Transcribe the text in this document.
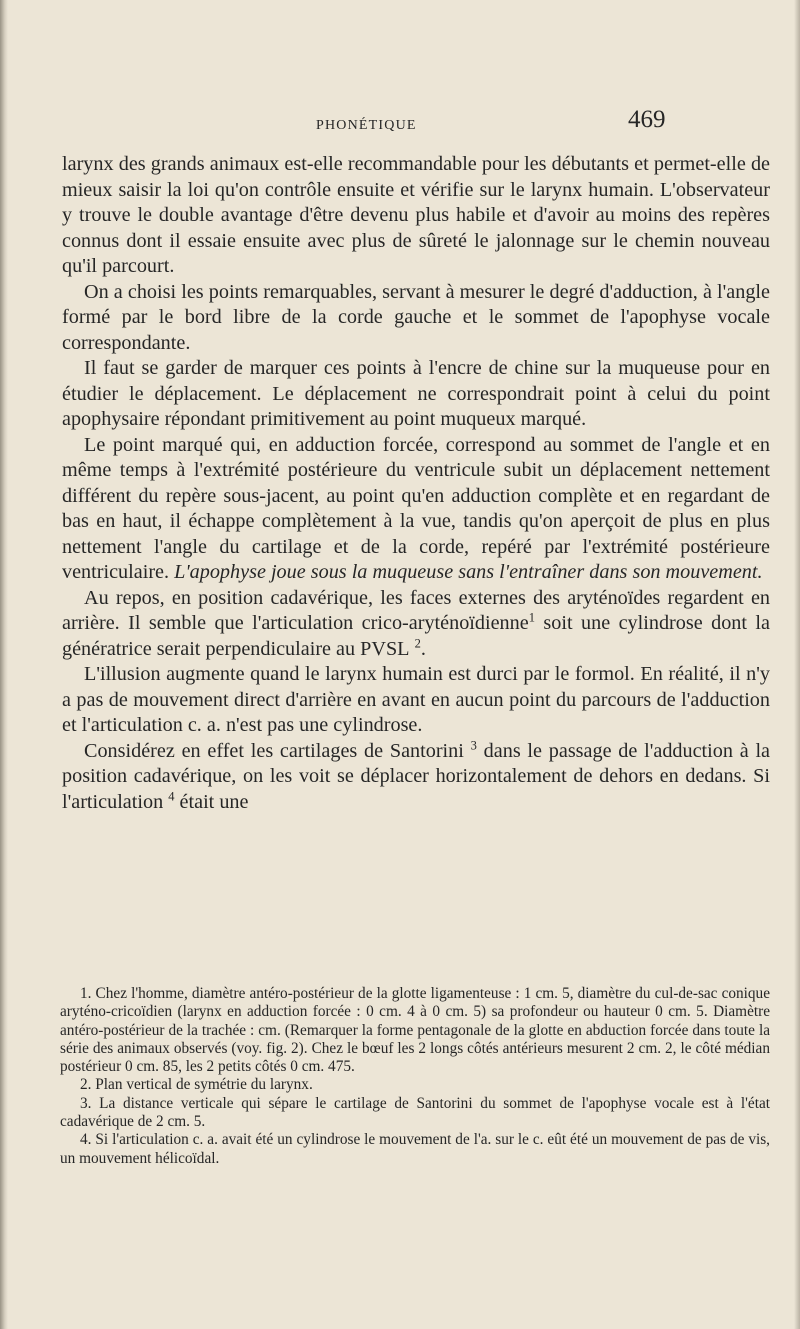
PHONÉTIQUE	469

larynx des grands animaux est-elle recommandable pour les débutants et permet-elle de mieux saisir la loi qu'on contrôle ensuite et vérifie sur le larynx humain. L'observateur y trouve le double avantage d'être devenu plus habile et d'avoir au moins des repères connus dont il essaie ensuite avec plus de sûreté le jalonnage sur le chemin nouveau qu'il parcourt.

On a choisi les points remarquables, servant à mesurer le degré d'adduction, à l'angle formé par le bord libre de la corde gauche et le sommet de l'apophyse vocale correspondante.

Il faut se garder de marquer ces points à l'encre de chine sur la muqueuse pour en étudier le déplacement. Le déplacement ne correspondrait point à celui du point apophysaire répondant primitivement au point muqueux marqué.

Le point marqué qui, en adduction forcée, correspond au sommet de l'angle et en même temps à l'extrémité postérieure du ventricule subit un déplacement nettement différent du repère sous-jacent, au point qu'en adduction complète et en regardant de bas en haut, il échappe complètement à la vue, tandis qu'on aperçoit de plus en plus nettement l'angle du cartilage et de la corde, repéré par l'extrémité postérieure ventriculaire. L'apophyse joue sous la muqueuse sans l'entraîner dans son mouvement.

Au repos, en position cadavérique, les faces externes des aryténoïdes regardent en arrière. Il semble que l'articulation crico-aryténoïdienne$^1$ soit une cylindrose dont la génératrice serait perpendiculaire au PVSL $^2$.

L'illusion augmente quand le larynx humain est durci par le formol. En réalité, il n'y a pas de mouvement direct d'arrière en avant en aucun point du parcours de l'adduction et l'articulation c. a. n'est pas une cylindrose.

Considérez en effet les cartilages de Santorini $^3$ dans le passage de l'adduction à la position cadavérique, on les voit se déplacer horizontalement de dehors en dedans. Si l'articulation $^4$ était une

1. Chez l'homme, diamètre antéro-postérieur de la glotte ligamenteuse : 1 cm. 5, diamètre du cul-de-sac conique aryténo-cricoïdien (larynx en adduction forcée : 0 cm. 4 à 0 cm. 5) sa profondeur ou hauteur 0 cm. 5. Diamètre antéro-postérieur de la trachée : cm. (Remarquer la forme pentagonale de la glotte en abduction forcée dans toute la série des animaux observés (voy. fig. 2). Chez le bœuf les 2 longs côtés antérieurs mesurent 2 cm. 2, le côté médian postérieur 0 cm. 85, les 2 petits côtés 0 cm. 475.

2. Plan vertical de symétrie du larynx.

3. La distance verticale qui sépare le cartilage de Santorini du sommet de l'apophyse vocale est à l'état cadavérique de 2 cm. 5.

4. Si l'articulation c. a. avait été un cylindrose le mouvement de l'a. sur le c. eût été un mouvement de pas de vis, un mouvement hélicoïdal.
